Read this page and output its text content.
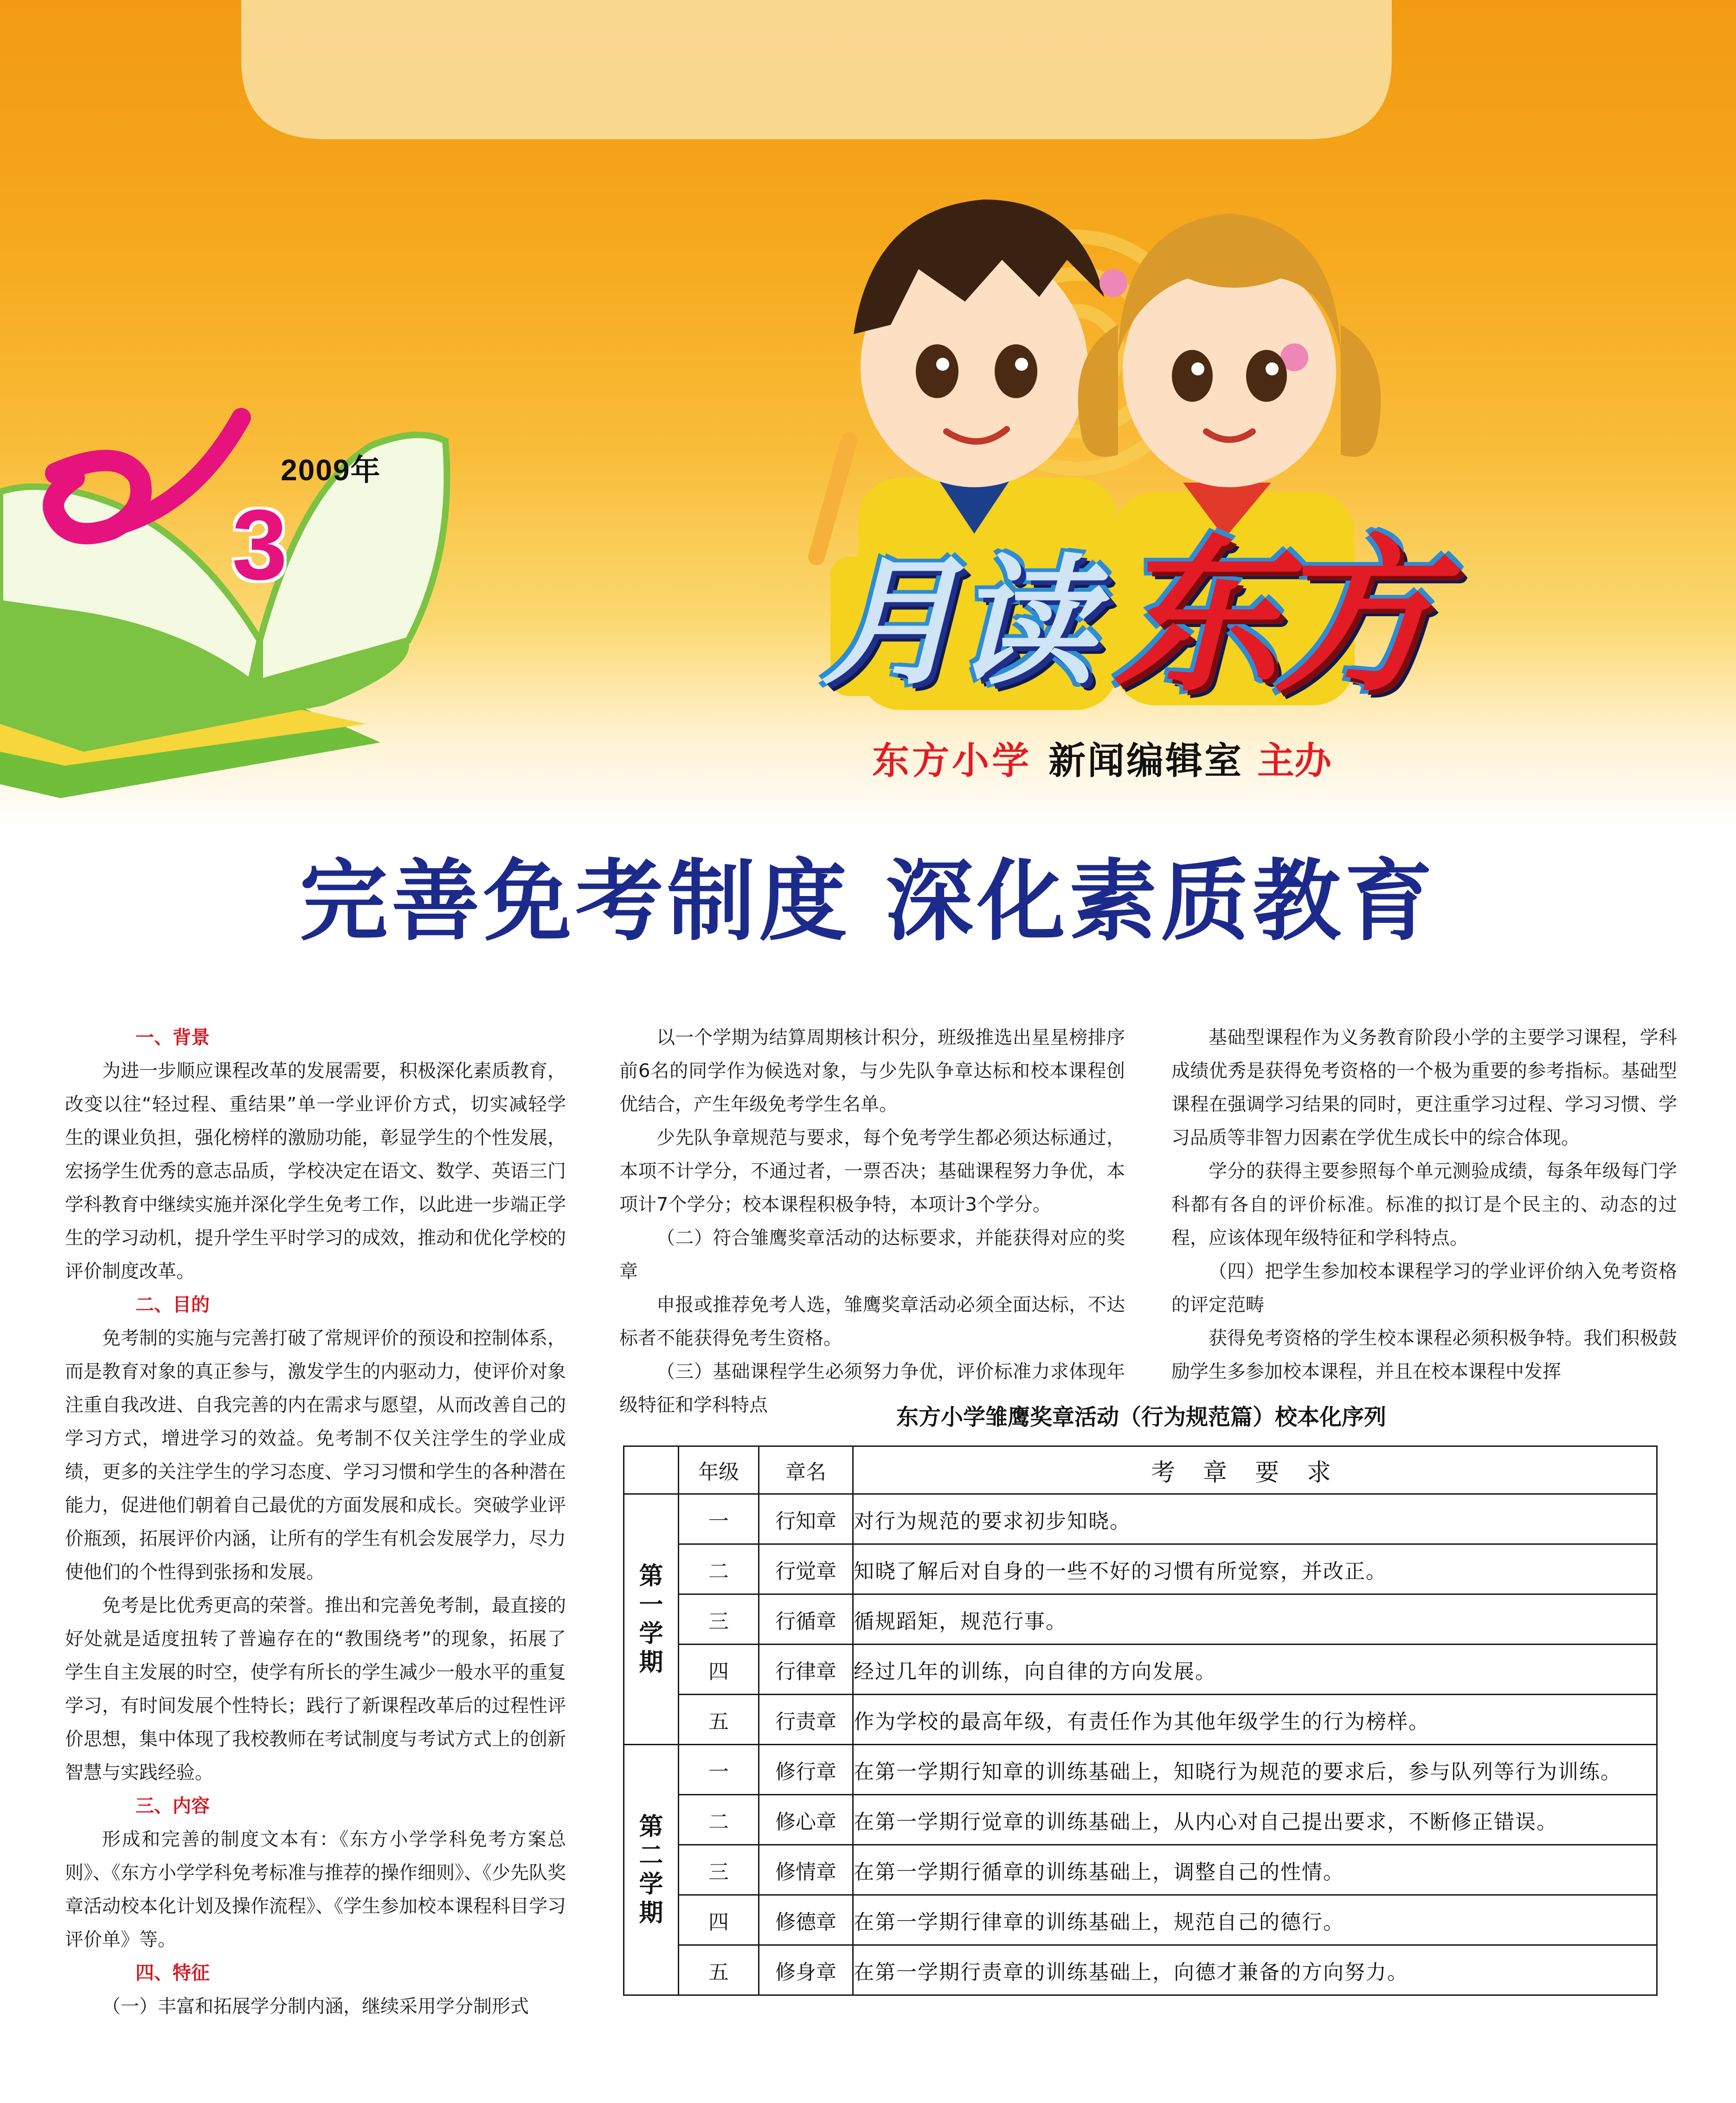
2009年
3	月读 东方
东方小学 新闻编辑室 主办
完善免考制度 深化素质教育
一、背景

为进一步顺应课程改革的发展需要，积极深化素质教育，改变以往“轻过程、重结果”单一学业评价方式，切实减轻学生的课业负担，强化榜样的激励功能，彰显学生的个性发展，宏扬学生优秀的意志品质，学校决定在语文、数学、英语三门学科教育中继续实施并深化学生免考工作，以此进一步端正学生的学习动机，提升学生平时学习的成效，推动和优化学校的评价制度改革。

二、目的

免考制的实施与完善打破了常规评价的预设和控制体系，而是教育对象的真正参与，激发学生的内驱动力，使评价对象注重自我改进、自我完善的内在需求与愿望，从而改善自己的学习方式，增进学习的效益。免考制不仅关注学生的学业成绩，更多的关注学生的学习态度、学习习惯和学生的各种潜在能力，促进他们朝着自己最优的方面发展和成长。突破学业评价瓶颈，拓展评价内涵，让所有的学生有机会发展学力，尽力使他们的个性得到张扬和发展。

免考是比优秀更高的荣誉。推出和完善免考制，最直接的好处就是适度扭转了普遍存在的“教围绕考”的现象，拓展了学生自主发展的时空，使学有所长的学生减少一般水平的重复学习，有时间发展个性特长；践行了新课程改革后的过程性评价思想，集中体现了我校教师在考试制度与考试方式上的创新智慧与实践经验。

三、内容

形成和完善的制度文本有：《东方小学学科免考方案总则》、《东方小学学科免考标准与推荐的操作细则》、《少先队奖章活动校本化计划及操作流程》、《学生参加校本课程科目学习评价单》等。

四、特征

（一）丰富和拓展学分制内涵，继续采用学分制形式

以一个学期为结算周期核计积分，班级推选出星星榜排序前6名的同学作为候选对象，与少先队争章达标和校本课程创优结合，产生年级免考学生名单。

少先队争章规范与要求，每个免考学生都必须达标通过，本项不计学分，不通过者，一票否决；基础课程努力争优，本项计7个学分；校本课程积极争特，本项计3个学分。

（二）符合雏鹰奖章活动的达标要求，并能获得对应的奖章

申报或推荐免考人选，雏鹰奖章活动必须全面达标，不达标者不能获得免考生资格。

（三）基础课程学生必须努力争优，评价标准力求体现年级特征和学科特点

基础型课程作为义务教育阶段小学的主要学习课程，学科成绩优秀是获得免考资格的一个极为重要的参考指标。基础型课程在强调学习结果的同时，更注重学习过程、学习习惯、学习品质等非智力因素在学优生成长中的综合体现。

学分的获得主要参照每个单元测验成绩，每条年级每门学科都有各自的评价标准。标准的拟订是个民主的、动态的过程，应该体现年级特征和学科特点。

（四）把学生参加校本课程学习的学业评价纳入免考资格的评定范畴

获得免考资格的学生校本课程必须积极争特。我们积极鼓励学生多参加校本课程，并且在校本课程中发挥

东方小学雏鹰奖章活动（行为规范篇）校本化序列
	年级	章名	考章要求

第一学期	一	行知章	对行为规范的要求初步知晓。
	二	行觉章	知晓了解后对自身的一些不好的习惯有所觉察，并改正。
	三	行循章	循规蹈矩，规范行事。
	四	行律章	经过几年的训练，向自律的方向发展。
	五	行责章	作为学校的最高年级，有责任作为其他年级学生的行为榜样。

第二学期	一	修行章	在第一学期行知章的训练基础上，知晓行为规范的要求后，参与队列等行为训练。
	二	修心章	在第一学期行觉章的训练基础上，从内心对自己提出要求，不断修正错误。
	三	修情章	在第一学期行循章的训练基础上，调整自己的性情。
	四	修德章	在第一学期行律章的训练基础上，规范自己的德行。
	五	修身章	在第一学期行责章的训练基础上，向德才兼备的方向努力。
